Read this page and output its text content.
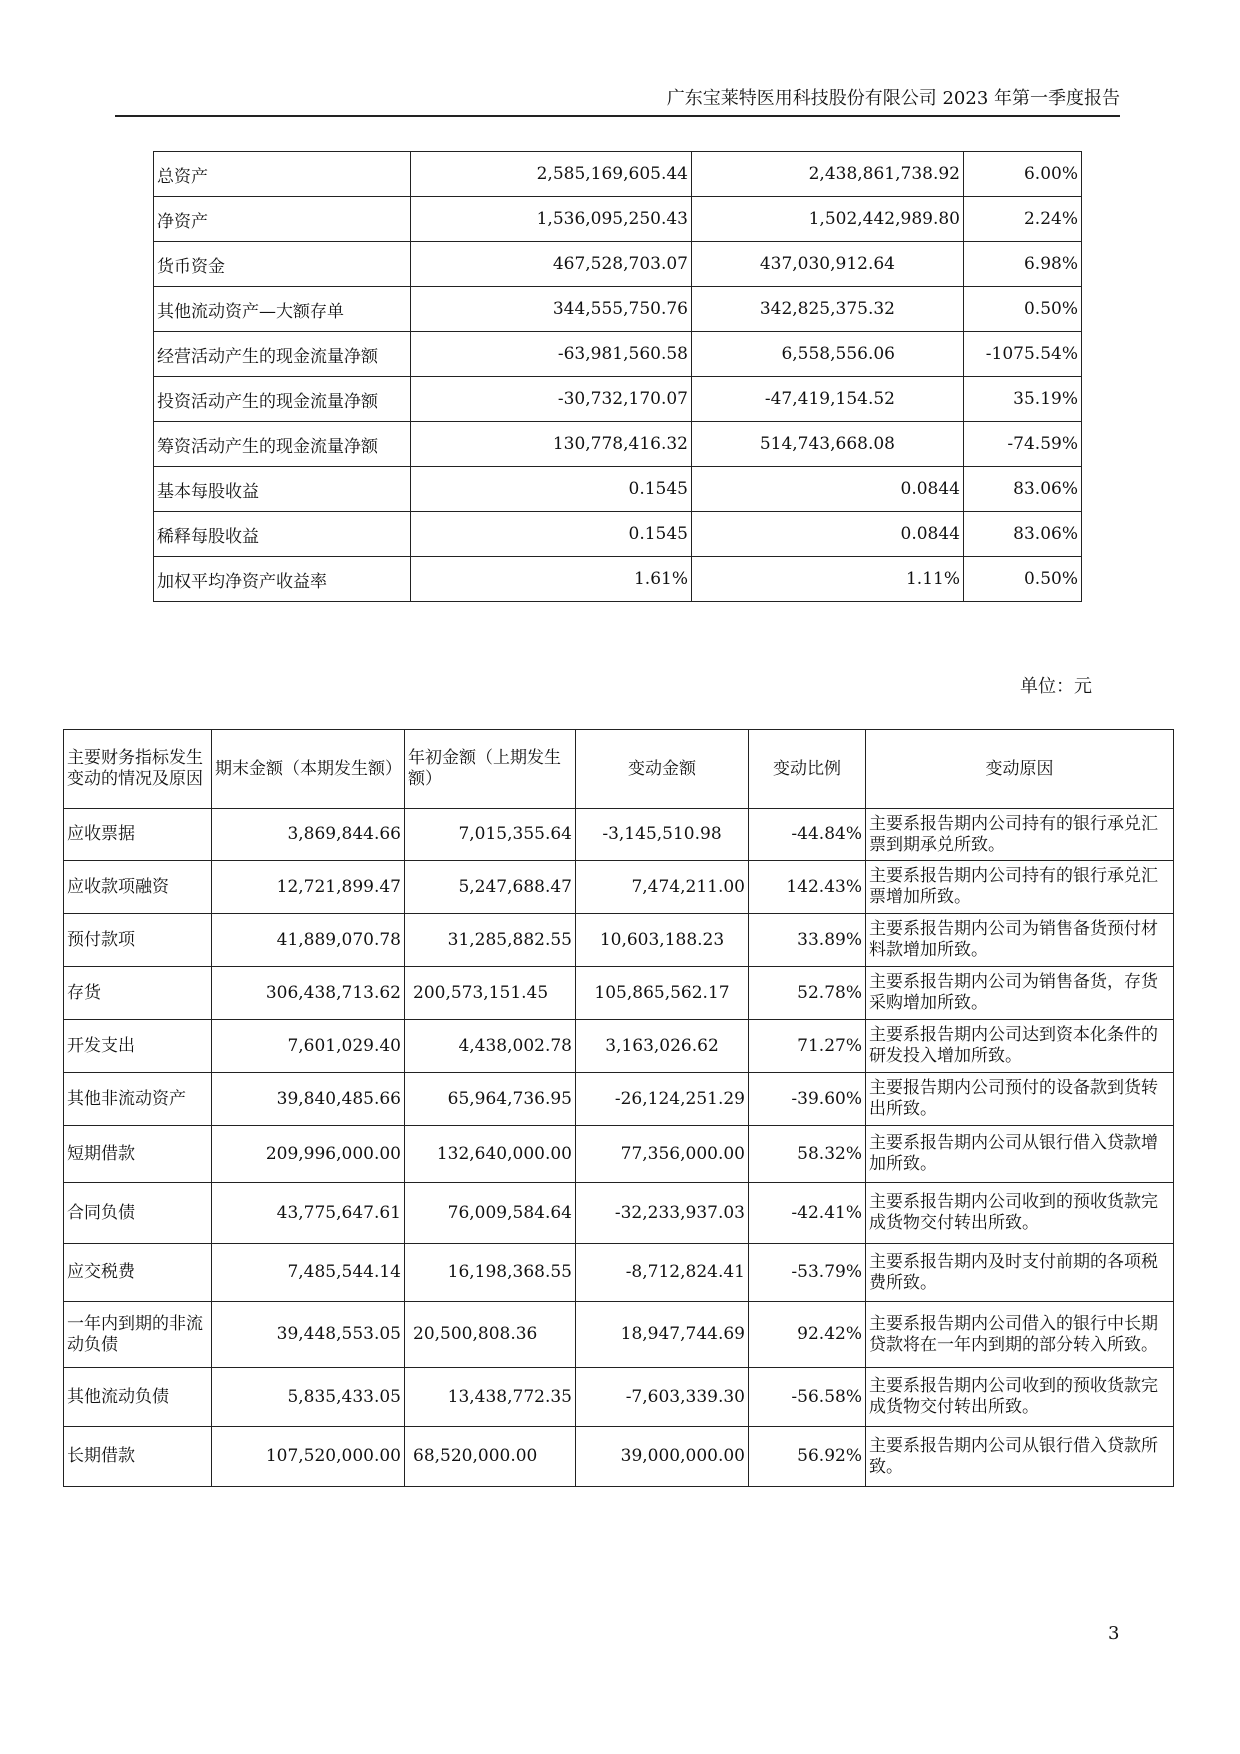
广东宝莱特医用科技股份有限公司 2023 年第一季度报告
总资产	2,585,169,605.44	2,438,861,738.92	6.00%
净资产	1,536,095,250.43	1,502,442,989.80	2.24%
货币资金	467,528,703.07	437,030,912.64	6.98%
其他流动资产—大额存单	344,555,750.76	342,825,375.32	0.50%
经营活动产生的现金流量净额	-63,981,560.58	6,558,556.06	-1075.54%
投资活动产生的现金流量净额	-30,732,170.07	-47,419,154.52	35.19%
筹资活动产生的现金流量净额	130,778,416.32	514,743,668.08	-74.59%
基本每股收益	0.1545	0.0844	83.06%
稀释每股收益	0.1545	0.0844	83.06%
加权平均净资产收益率	1.61%	1.11%	0.50%
单位：元
主要财务指标发生变动的情况及原因	期末金额（本期发生额）	年初金额（上期发生额）	变动金额	变动比例	变动原因
应收票据	3,869,844.66	7,015,355.64	-3,145,510.98	-44.84%	主要系报告期内公司持有的银行承兑汇票到期承兑所致。
应收款项融资	12,721,899.47	5,247,688.47	7,474,211.00	142.43%	主要系报告期内公司持有的银行承兑汇票增加所致。
预付款项	41,889,070.78	31,285,882.55	10,603,188.23	33.89%	主要系报告期内公司为销售备货预付材料款增加所致。
存货	306,438,713.62	200,573,151.45	105,865,562.17	52.78%	主要系报告期内公司为销售备货，存货采购增加所致。
开发支出	7,601,029.40	4,438,002.78	3,163,026.62	71.27%	主要系报告期内公司达到资本化条件的研发投入增加所致。
其他非流动资产	39,840,485.66	65,964,736.95	-26,124,251.29	-39.60%	主要报告期内公司预付的设备款到货转出所致。
短期借款	209,996,000.00	132,640,000.00	77,356,000.00	58.32%	主要系报告期内公司从银行借入贷款增加所致。
合同负债	43,775,647.61	76,009,584.64	-32,233,937.03	-42.41%	主要系报告期内公司收到的预收货款完成货物交付转出所致。
应交税费	7,485,544.14	16,198,368.55	-8,712,824.41	-53.79%	主要系报告期内及时支付前期的各项税费所致。
一年内到期的非流动负债	39,448,553.05	20,500,808.36	18,947,744.69	92.42%	主要系报告期内公司借入的银行中长期贷款将在一年内到期的部分转入所致。
其他流动负债	5,835,433.05	13,438,772.35	-7,603,339.30	-56.58%	主要系报告期内公司收到的预收货款完成货物交付转出所致。
长期借款	107,520,000.00	68,520,000.00	39,000,000.00	56.92%	主要系报告期内公司从银行借入贷款所致。
3
